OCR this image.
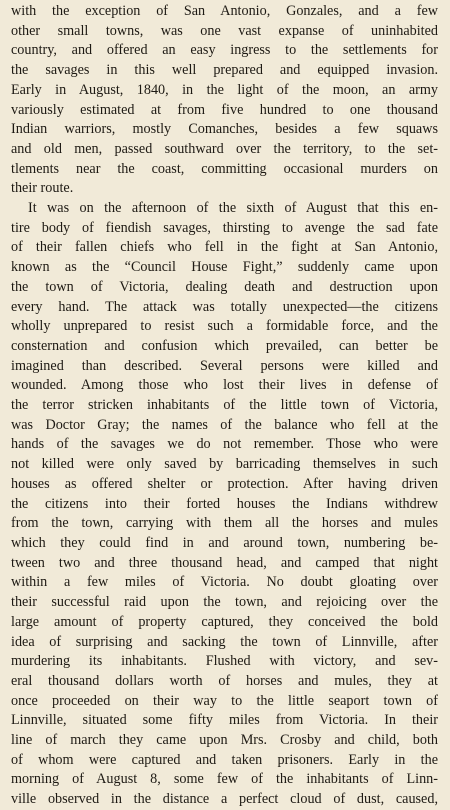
with the exception of San Antonio, Gonzales, and a few
other small towns, was one vast expanse of uninhabited
country, and offered an easy ingress to the settlements for
the savages in this well prepared and equipped invasion.
Early in August, 1840, in the light of the moon, an army
variously estimated at from five hundred to one thousand
Indian warriors, mostly Comanches, besides a few squaws
and old men, passed southward over the territory, to the set-
tlements near the coast, committing occasional murders on
their route.
It was on the afternoon of the sixth of August that this en-
tire body of fiendish savages, thirsting to avenge the sad fate
of their fallen chiefs who fell in the fight at San Antonio,
known as the “Council House Fight,” suddenly came upon
the town of Victoria, dealing death and destruction upon
every hand. The attack was totally unexpected—the citizens
wholly unprepared to resist such a formidable force, and the
consternation and confusion which prevailed, can better be
imagined than described. Several persons were killed and
wounded. Among those who lost their lives in defense of
the terror stricken inhabitants of the little town of Victoria,
was Doctor Gray; the names of the balance who fell at the
hands of the savages we do not remember. Those who were
not killed were only saved by barricading themselves in such
houses as offered shelter or protection. After having driven
the citizens into their forted houses the Indians withdrew
from the town, carrying with them all the horses and mules
which they could find in and around town, numbering be-
tween two and three thousand head, and camped that night
within a few miles of Victoria. No doubt gloating over
their successful raid upon the town, and rejoicing over the
large amount of property captured, they conceived the bold
idea of surprising and sacking the town of Linnville, after
murdering its inhabitants. Flushed with victory, and sev-
eral thousand dollars worth of horses and mules, they at
once proceeded on their way to the little seaport town of
Linnville, situated some fifty miles from Victoria. In their
line of march they came upon Mrs. Crosby and child, both
of whom were captured and taken prisoners. Early in the
morning of August 8, some few of the inhabitants of Linn-
ville observed in the distance a perfect cloud of dust, caused,
